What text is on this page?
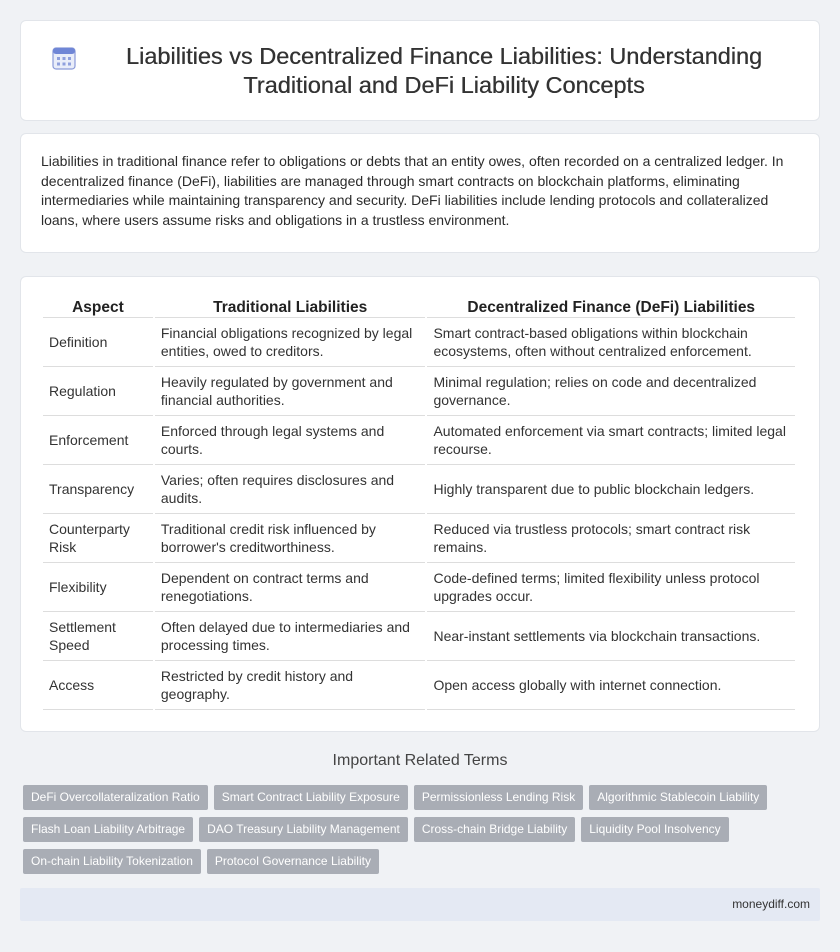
Liabilities vs Decentralized Finance Liabilities: Understanding Traditional and DeFi Liability Concepts

Liabilities in traditional finance refer to obligations or debts that an entity owes, often recorded on a centralized ledger. In decentralized finance (DeFi), liabilities are managed through smart contracts on blockchain platforms, eliminating intermediaries while maintaining transparency and security. DeFi liabilities include lending protocols and collateralized loans, where users assume risks and obligations in a trustless environment.

Aspect	Traditional Liabilities	Decentralized Finance (DeFi) Liabilities
Definition	Financial obligations recognized by legal entities, owed to creditors.	Smart contract-based obligations within blockchain ecosystems, often without centralized enforcement.
Regulation	Heavily regulated by government and financial authorities.	Minimal regulation; relies on code and decentralized governance.
Enforcement	Enforced through legal systems and courts.	Automated enforcement via smart contracts; limited legal recourse.
Transparency	Varies; often requires disclosures and audits.	Highly transparent due to public blockchain ledgers.
Counterparty Risk	Traditional credit risk influenced by borrower's creditworthiness.	Reduced via trustless protocols; smart contract risk remains.
Flexibility	Dependent on contract terms and renegotiations.	Code-defined terms; limited flexibility unless protocol upgrades occur.
Settlement Speed	Often delayed due to intermediaries and processing times.	Near-instant settlements via blockchain transactions.
Access	Restricted by credit history and geography.	Open access globally with internet connection.
Important Related Terms
DeFi Overcollateralization Ratio	Smart Contract Liability Exposure	Permissionless Lending Risk	Algorithmic Stablecoin Liability
Flash Loan Liability Arbitrage	DAO Treasury Liability Management	Cross-chain Bridge Liability	Liquidity Pool Insolvency
On-chain Liability Tokenization	Protocol Governance Liability
moneydiff.com
